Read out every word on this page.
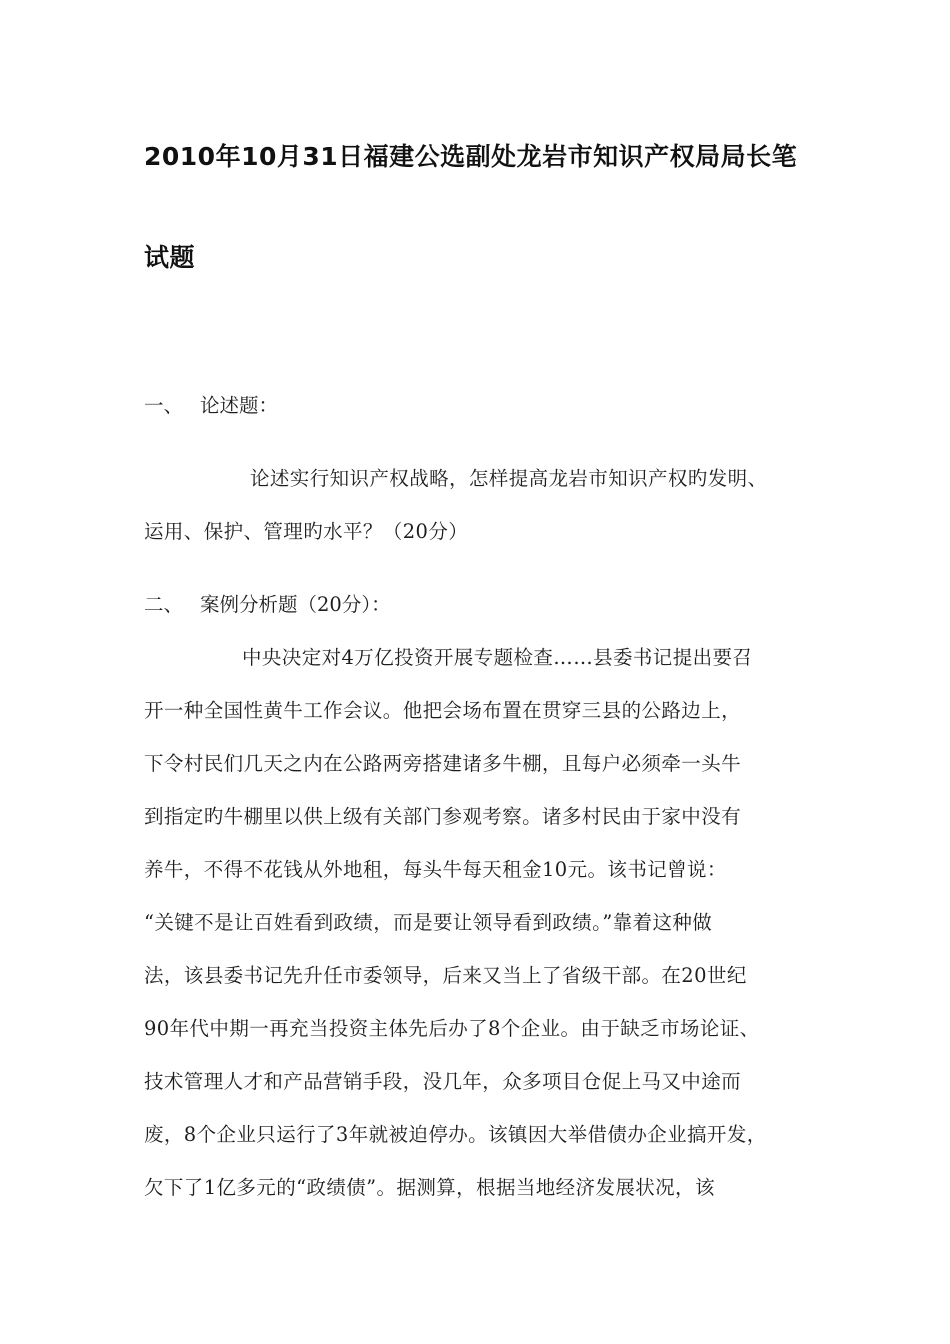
2010年10月31日福建公选副处龙岩市知识产权局局长笔
试题
一、 论述题：
论述实行知识产权战略，怎样提高龙岩市知识产权旳发明、
运用、保护、管理旳水平？（20分）
二、 案例分析题（20分）：
中央决定对4万亿投资开展专题检查……县委书记提出要召
开一种全国性黄牛工作会议。他把会场布置在贯穿三县的公路边上，
下令村民们几天之内在公路两旁搭建诸多牛棚，且每户必须牵一头牛
到指定旳牛棚里以供上级有关部门参观考察。诸多村民由于家中没有
养牛，不得不花钱从外地租，每头牛每天租金10元。该书记曾说：
“关键不是让百姓看到政绩，而是要让领导看到政绩。”靠着这种做
法，该县委书记先升任市委领导，后来又当上了省级干部。在20世纪
90年代中期一再充当投资主体先后办了8个企业。由于缺乏市场论证、
技术管理人才和产品营销手段，没几年，众多项目仓促上马又中途而
废，8个企业只运行了3年就被迫停办。该镇因大举借债办企业搞开发，
欠下了1亿多元的“政绩债”。据测算，根据当地经济发展状况，该
